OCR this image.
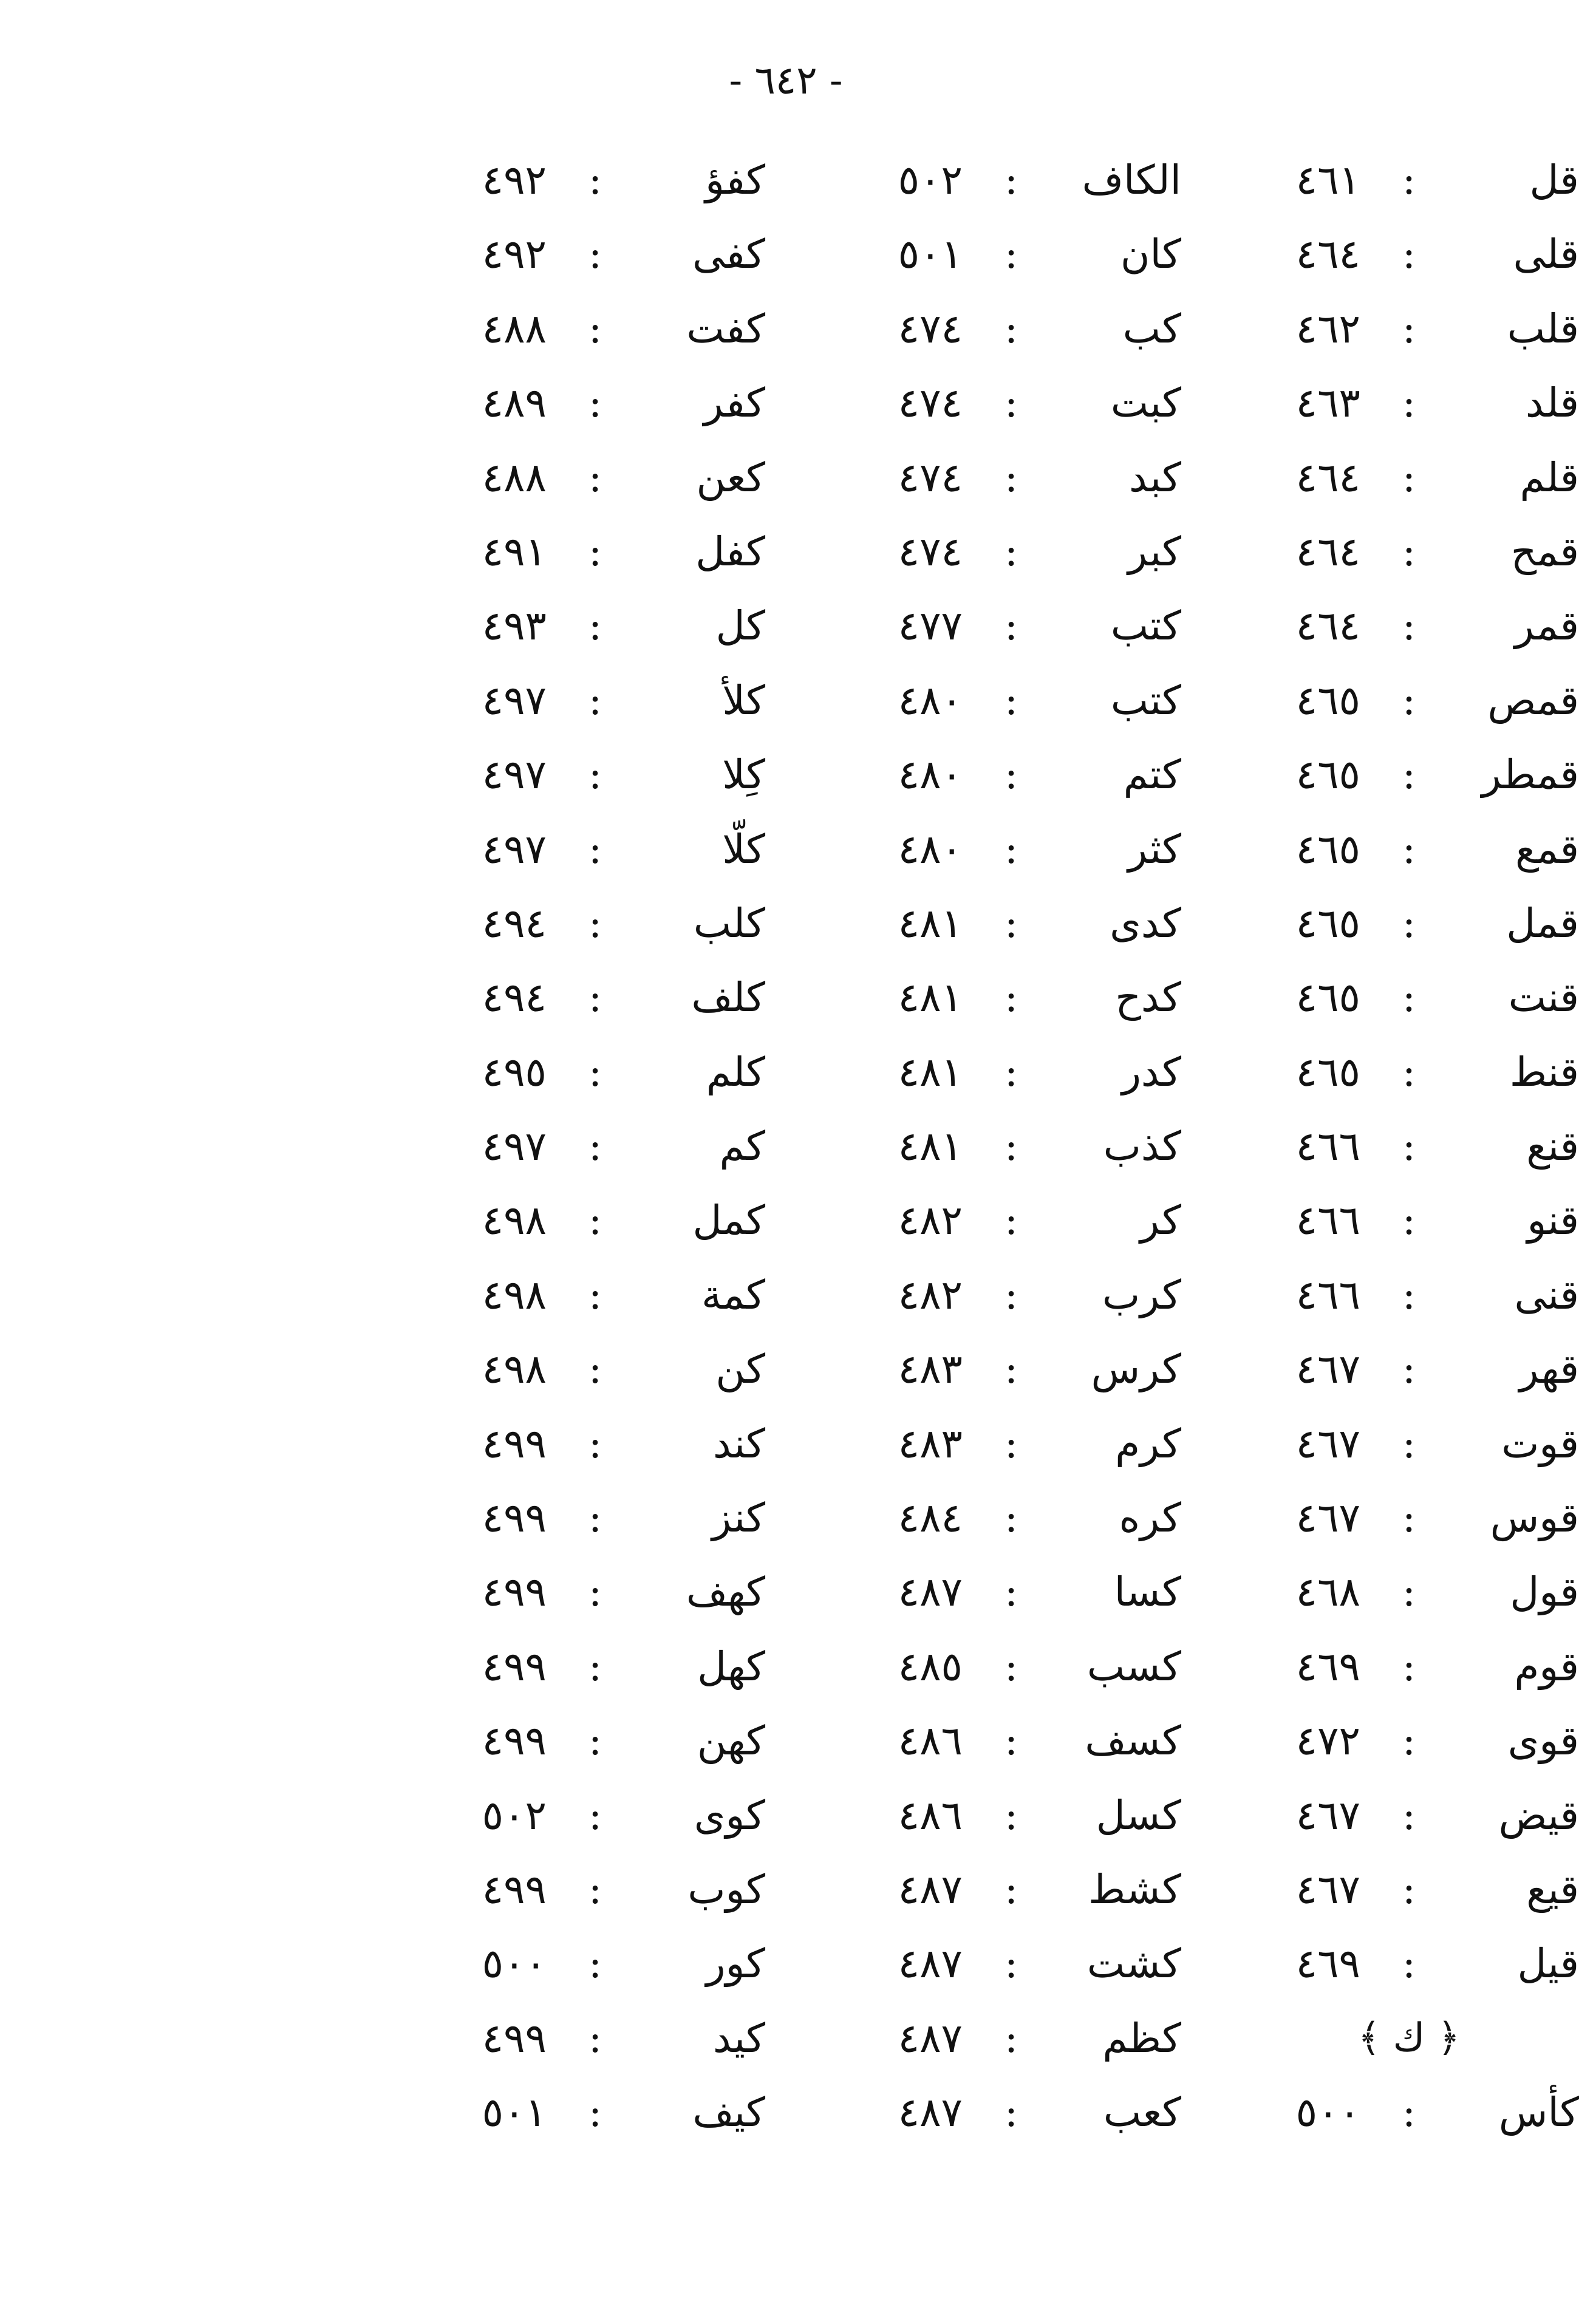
- ٦٤٢ -
قل
:
٤٦١
قلى
:
٤٦٤
قلب
:
٤٦٢
قلد
:
٤٦٣
قلم
:
٤٦٤
قمح
:
٤٦٤
قمر
:
٤٦٤
قمص
:
٤٦٥
قمطر
:
٤٦٥
قمع
:
٤٦٥
قمل
:
٤٦٥
قنت
:
٤٦٥
قنط
:
٤٦٥
قنع
:
٤٦٦
قنو
:
٤٦٦
قنى
:
٤٦٦
قهر
:
٤٦٧
قوت
:
٤٦٧
قوس
:
٤٦٧
قول
:
٤٦٨
قوم
:
٤٦٩
قوى
:
٤٧٢
قيض
:
٤٦٧
قيع
:
٤٦٧
قيل
:
٤٦٩
﴿ ك ﴾
كأس
:
٥٠٠
الكاف
:
٥٠٢
كان
:
٥٠١
كب
:
٤٧٤
كبت
:
٤٧٤
كبد
:
٤٧٤
كبر
:
٤٧٤
كتب
:
٤٧٧
كتب
:
٤٨٠
كتم
:
٤٨٠
كثر
:
٤٨٠
كدى
:
٤٨١
كدح
:
٤٨١
كدر
:
٤٨١
كذب
:
٤٨١
كر
:
٤٨٢
كرب
:
٤٨٢
كرس
:
٤٨٣
كرم
:
٤٨٣
كره
:
٤٨٤
كسا
:
٤٨٧
كسب
:
٤٨٥
كسف
:
٤٨٦
كسل
:
٤٨٦
كشط
:
٤٨٧
كشت
:
٤٨٧
كظم
:
٤٨٧
كعب
:
٤٨٧
كفؤ
:
٤٩٢
كفى
:
٤٩٢
كفت
:
٤٨٨
كفر
:
٤٨٩
كعن
:
٤٨٨
كفل
:
٤٩١
كل
:
٤٩٣
كلأ
:
٤٩٧
كِلا
:
٤٩٧
كلّا
:
٤٩٧
كلب
:
٤٩٤
كلف
:
٤٩٤
كلم
:
٤٩٥
كم
:
٤٩٧
كمل
:
٤٩٨
كمة
:
٤٩٨
كن
:
٤٩٨
كند
:
٤٩٩
كنز
:
٤٩٩
كهف
:
٤٩٩
كهل
:
٤٩٩
كهن
:
٤٩٩
كوى
:
٥٠٢
كوب
:
٤٩٩
كور
:
٥٠٠
كيد
:
٤٩٩
كيف
:
٥٠١
